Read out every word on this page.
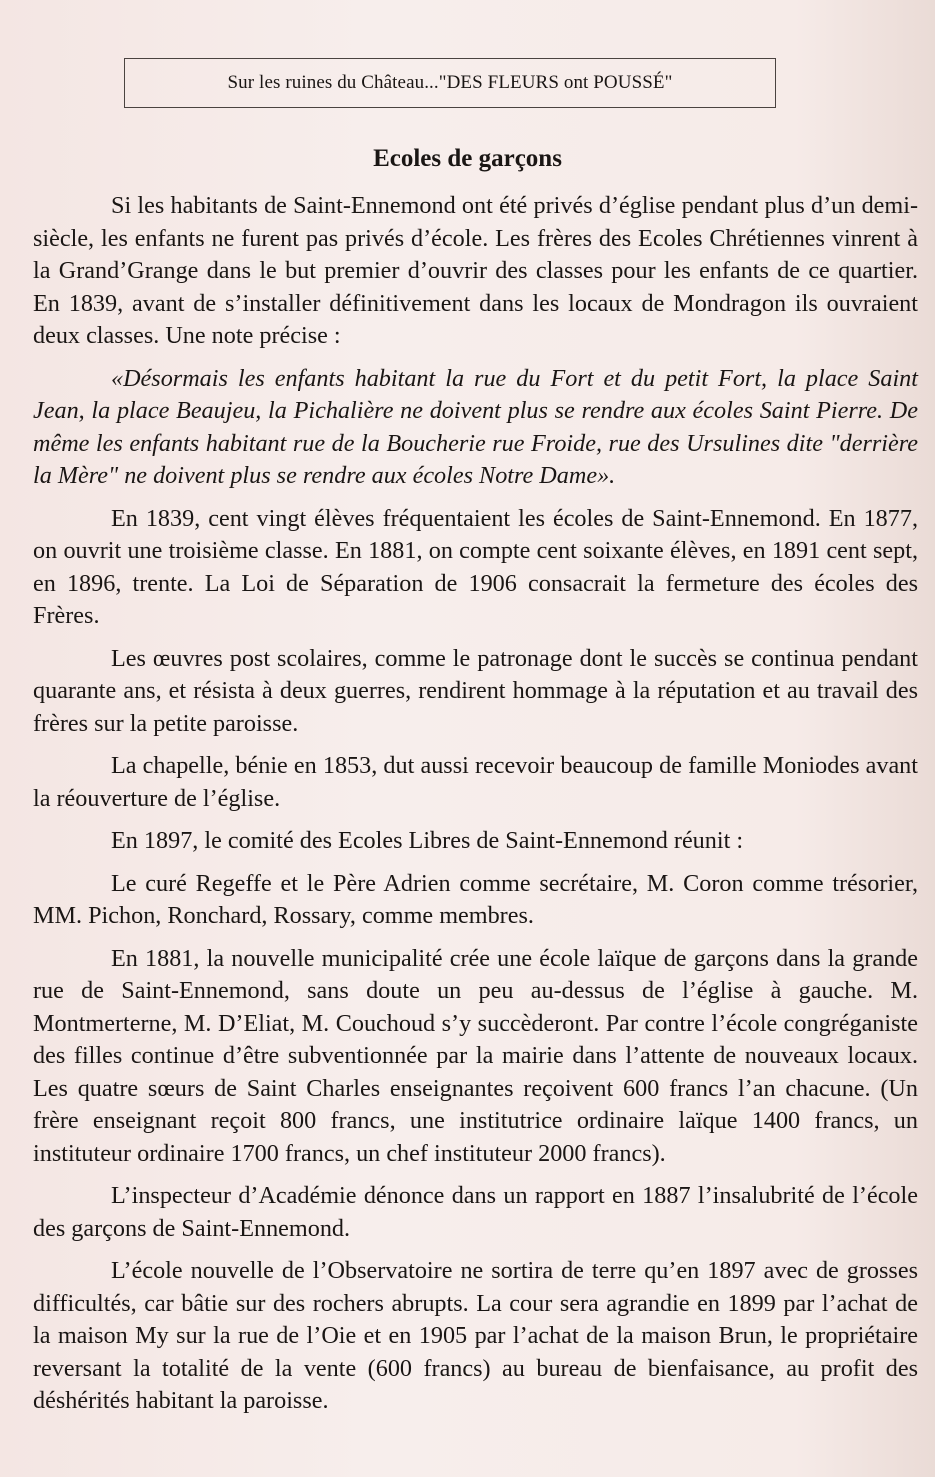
Sur les ruines du Château..."DES FLEURS ont POUSSÉ"
Ecoles de garçons

Si les habitants de Saint-Ennemond ont été privés d’église pendant plus d’un demi-siècle, les enfants ne furent pas privés d’école. Les frères des Ecoles Chrétiennes vinrent à la Grand’Grange dans le but premier d’ouvrir des classes pour les enfants de ce quartier. En 1839, avant de s’installer définitivement dans les locaux de Mondragon ils ouvraient deux classes. Une note précise :

«Désormais les enfants habitant la rue du Fort et du petit Fort, la place Saint Jean, la place Beaujeu, la Pichalière ne doivent plus se rendre aux écoles Saint Pierre. De même les enfants habitant rue de la Boucherie rue Froide, rue des Ursulines dite "derrière la Mère" ne doivent plus se rendre aux écoles Notre Dame».

En 1839, cent vingt élèves fréquentaient les écoles de Saint-Ennemond. En 1877, on ouvrit une troisième classe. En 1881, on compte cent soixante élèves, en 1891 cent sept, en 1896, trente. La Loi de Séparation de 1906 consacrait la fermeture des écoles des Frères.

Les œuvres post scolaires, comme le patronage dont le succès se continua pendant quarante ans, et résista à deux guerres, rendirent hommage à la réputation et au travail des frères sur la petite paroisse.

La chapelle, bénie en 1853, dut aussi recevoir beaucoup de famille Moniodes avant la réouverture de l’église.

En 1897, le comité des Ecoles Libres de Saint-Ennemond réunit :

Le curé Regeffe et le Père Adrien comme secrétaire, M. Coron comme trésorier, MM. Pichon, Ronchard, Rossary, comme membres.

En 1881, la nouvelle municipalité crée une école laïque de garçons dans la grande rue de Saint-Ennemond, sans doute un peu au-dessus de l’église à gauche. M. Montmerterne, M. D’Eliat, M. Couchoud s’y succèderont. Par contre l’école congréganiste des filles continue d’être subventionnée par la mairie dans l’attente de nouveaux locaux. Les quatre sœurs de Saint Charles enseignantes reçoivent 600 francs l’an chacune. (Un frère enseignant reçoit 800 francs, une institutrice ordinaire laïque 1400 francs, un instituteur ordinaire 1700 francs, un chef instituteur 2000 francs).

L’inspecteur d’Académie dénonce dans un rapport en 1887 l’insalubrité de l’école des garçons de Saint-Ennemond.

L’école nouvelle de l’Observatoire ne sortira de terre qu’en 1897 avec de grosses difficultés, car bâtie sur des rochers abrupts. La cour sera agrandie en 1899 par l’achat de la maison My sur la rue de l’Oie et en 1905 par l’achat de la maison Brun, le propriétaire reversant la totalité de la vente (600 francs) au bureau de bienfaisance, au profit des déshérités habitant la paroisse.
